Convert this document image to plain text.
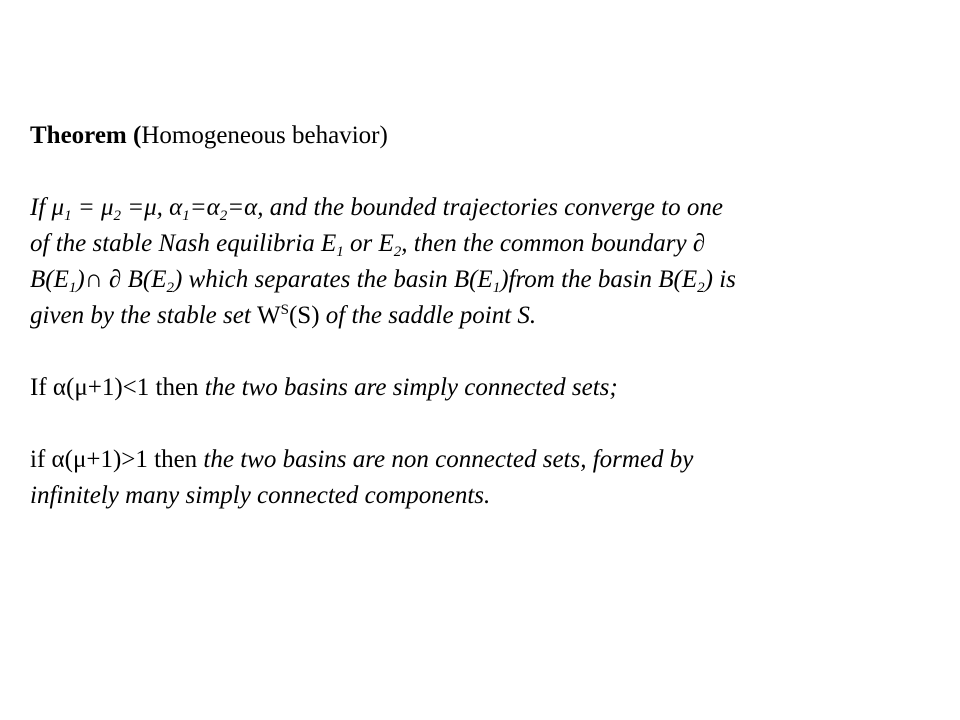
Theorem (Homogeneous behavior)
If $\mu_1 = \mu_2 =\mu$, $\alpha_1=\alpha_2=\alpha$, and the bounded trajectories converge to one
of the stable Nash equilibria $E_1$ or $E_2$, then the common boundary ∂
$B(E_1)\cap$ ∂ $B(E_2)$ which separates the basin $B(E_1)from$ the basin $B(E_2)$ is
given by the stable set $W^S(S)$ of the saddle point S.
If α(μ+1)<1 then the two basins are simply connected sets;
if α(μ+1)>1 then the two basins are non connected sets, formed by
infinitely many simply connected components.
